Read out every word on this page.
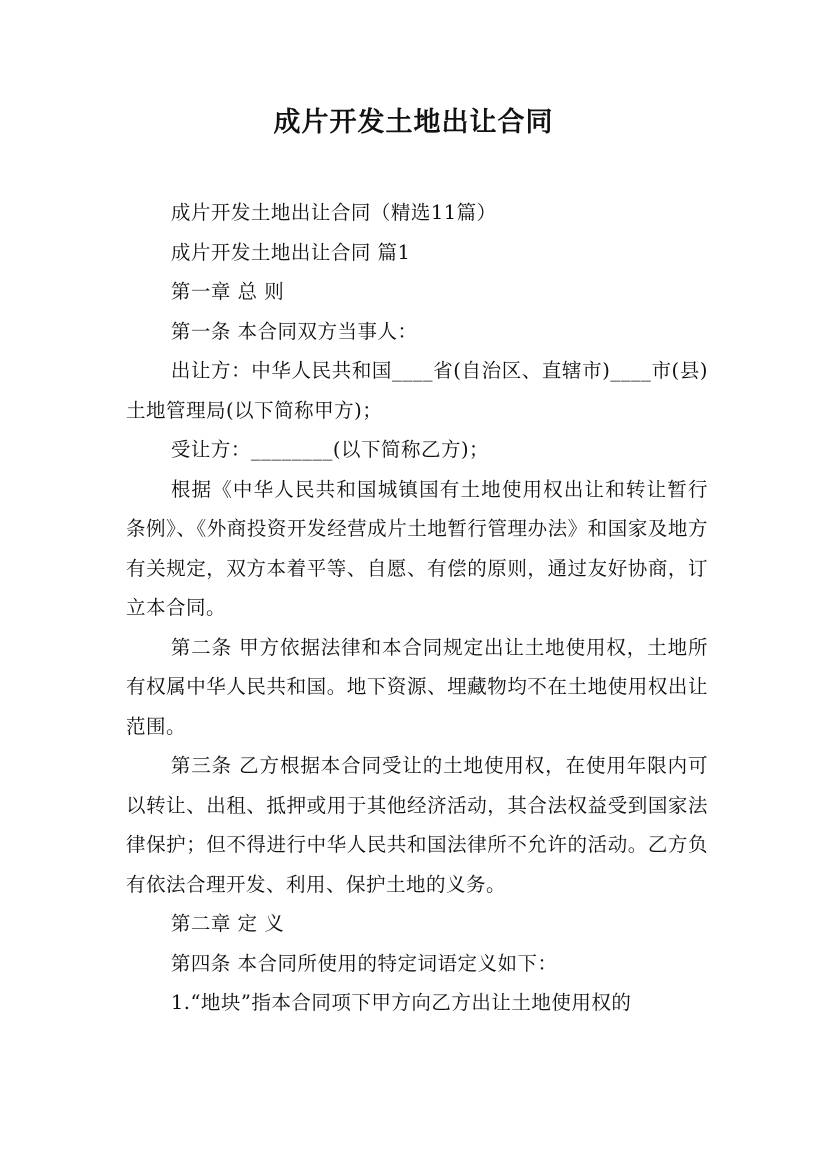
成片开发土地出让合同

成片开发土地出让合同（精选11篇）

成片开发土地出让合同 篇1

第一章 总 则

第一条 本合同双方当事人：

出让方：中华人民共和国____省(自治区、直辖市)____市(县)土地管理局(以下简称甲方)；

受让方：________(以下简称乙方)；

根据《中华人民共和国城镇国有土地使用权出让和转让暂行条例》、《外商投资开发经营成片土地暂行管理办法》和国家及地方有关规定，双方本着平等、自愿、有偿的原则，通过友好协商，订立本合同。

第二条 甲方依据法律和本合同规定出让土地使用权，土地所有权属中华人民共和国。地下资源、埋藏物均不在土地使用权出让范围。

第三条 乙方根据本合同受让的土地使用权，在使用年限内可以转让、出租、抵押或用于其他经济活动，其合法权益受到国家法律保护；但不得进行中华人民共和国法律所不允许的活动。乙方负有依法合理开发、利用、保护土地的义务。

第二章 定 义

第四条 本合同所使用的特定词语定义如下：

1.“地块”指本合同项下甲方向乙方出让土地使用权的
